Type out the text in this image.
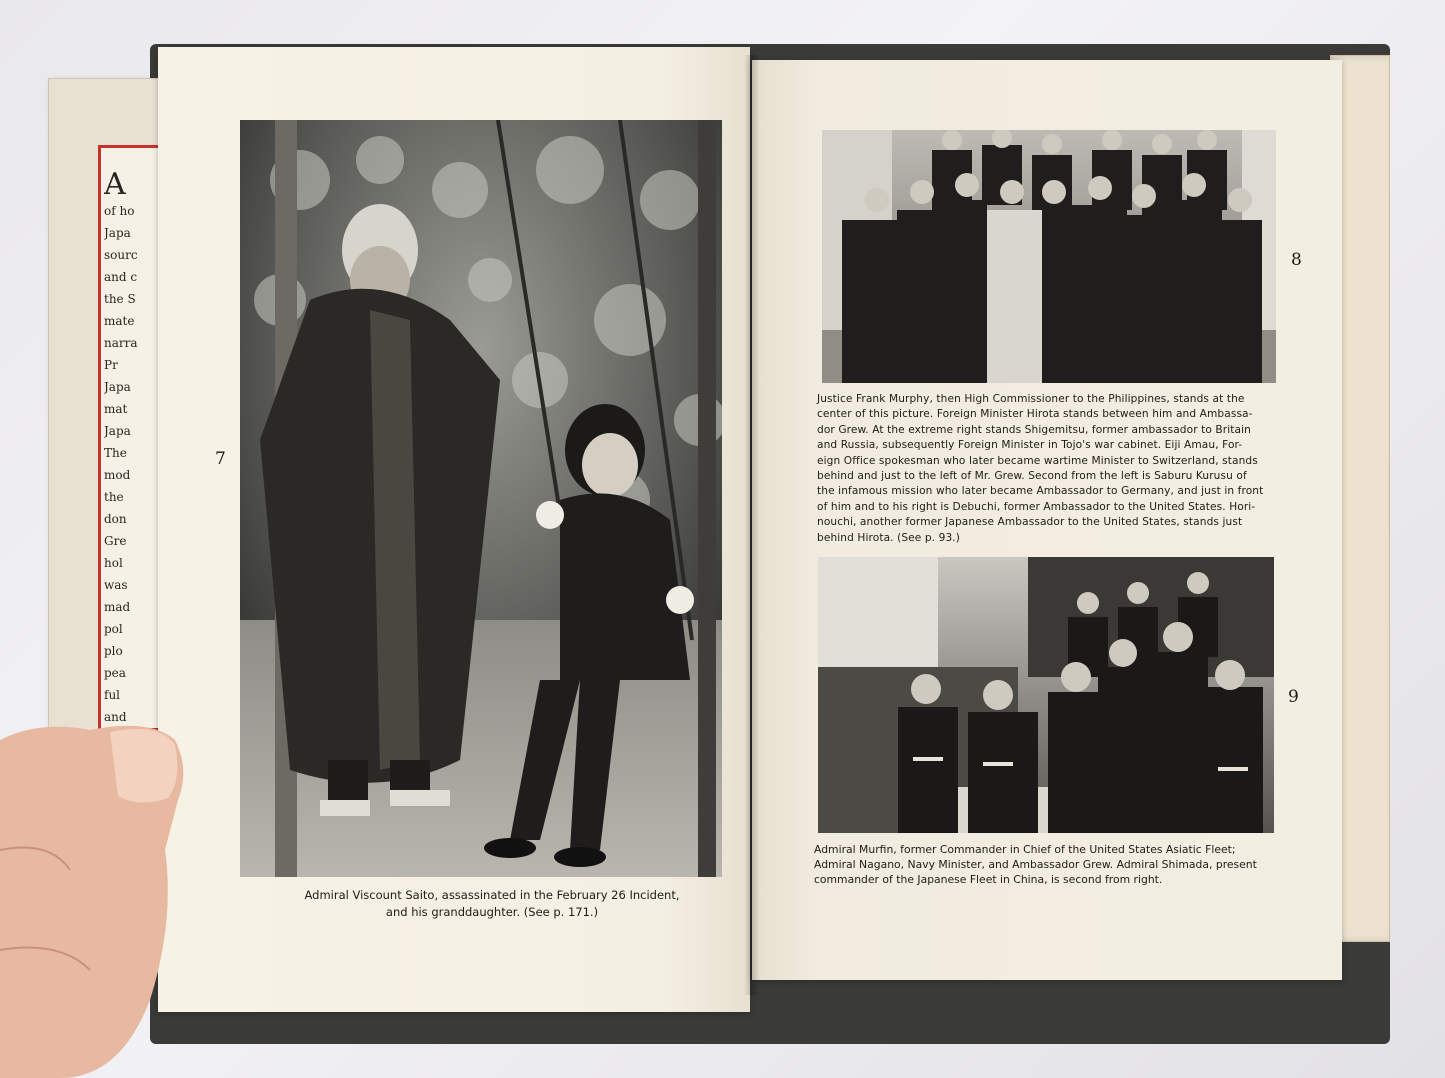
A
of ho
Japa
sourc
and c
the S
mate
narra
Pr
Japa
mat
Japa
The
mod
the
don
Gre
hol
was
mad
pol
plo
pea
ful
and
7
Admiral Viscount Saito, assassinated in the February 26 Incident,
and his granddaughter. (See p. 171.)
8
Justice Frank Murphy, then High Commissioner to the Philippines, stands at the
center of this picture. Foreign Minister Hirota stands between him and Ambassa-
dor Grew. At the extreme right stands Shigemitsu, former ambassador to Britain
and Russia, subsequently Foreign Minister in Tojo's war cabinet. Eiji Amau, For-
eign Office spokesman who later became wartime Minister to Switzerland, stands
behind and just to the left of Mr. Grew. Second from the left is Saburu Kurusu of
the infamous mission who later became Ambassador to Germany, and just in front
of him and to his right is Debuchi, former Ambassador to the United States. Hori-
nouchi, another former Japanese Ambassador to the United States, stands just
behind Hirota. (See p. 93.)
9
Admiral Murfin, former Commander in Chief of the United States Asiatic Fleet;
Admiral Nagano, Navy Minister, and Ambassador Grew. Admiral Shimada, present
commander of the Japanese Fleet in China, is second from right.
